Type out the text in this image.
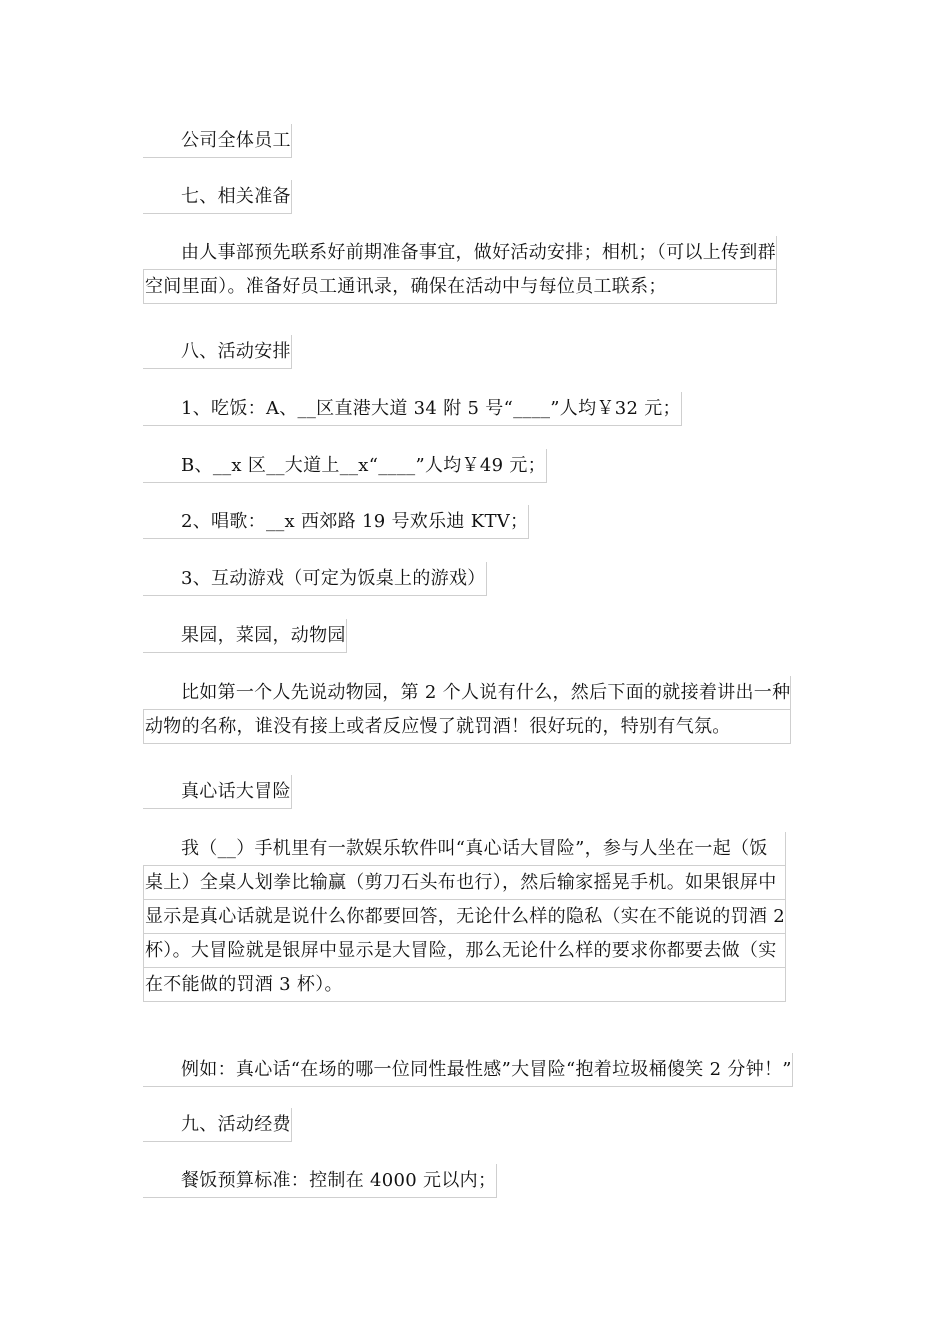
公司全体员工
七、相关准备
由人事部预先联系好前期准备事宜，做好活动安排；相机；（可以上传到群
空间里面）。准备好员工通讯录，确保在活动中与每位员工联系；
八、活动安排
1、吃饭：A、__区直港大道 34 附 5 号“____”人均￥32 元；
B、__x 区__大道上__x“____”人均￥49 元；
2、唱歌：__x 西郊路 19 号欢乐迪 KTV；
3、互动游戏（可定为饭桌上的游戏）
果园，菜园，动物园
比如第一个人先说动物园，第 2 个人说有什么，然后下面的就接着讲出一种
动物的名称，谁没有接上或者反应慢了就罚酒！很好玩的，特别有气氛。
真心话大冒险
我（__）手机里有一款娱乐软件叫“真心话大冒险”，参与人坐在一起（饭
桌上）全桌人划拳比输赢（剪刀石头布也行），然后输家摇晃手机。如果银屏中
显示是真心话就是说什么你都要回答，无论什么样的隐私（实在不能说的罚酒 2
杯）。大冒险就是银屏中显示是大冒险，那么无论什么样的要求你都要去做（实
在不能做的罚酒 3 杯）。
例如：真心话“在场的哪一位同性最性感”大冒险“抱着垃圾桶傻笑 2 分钟！”
九、活动经费
餐饭预算标准：控制在 4000 元以内；
